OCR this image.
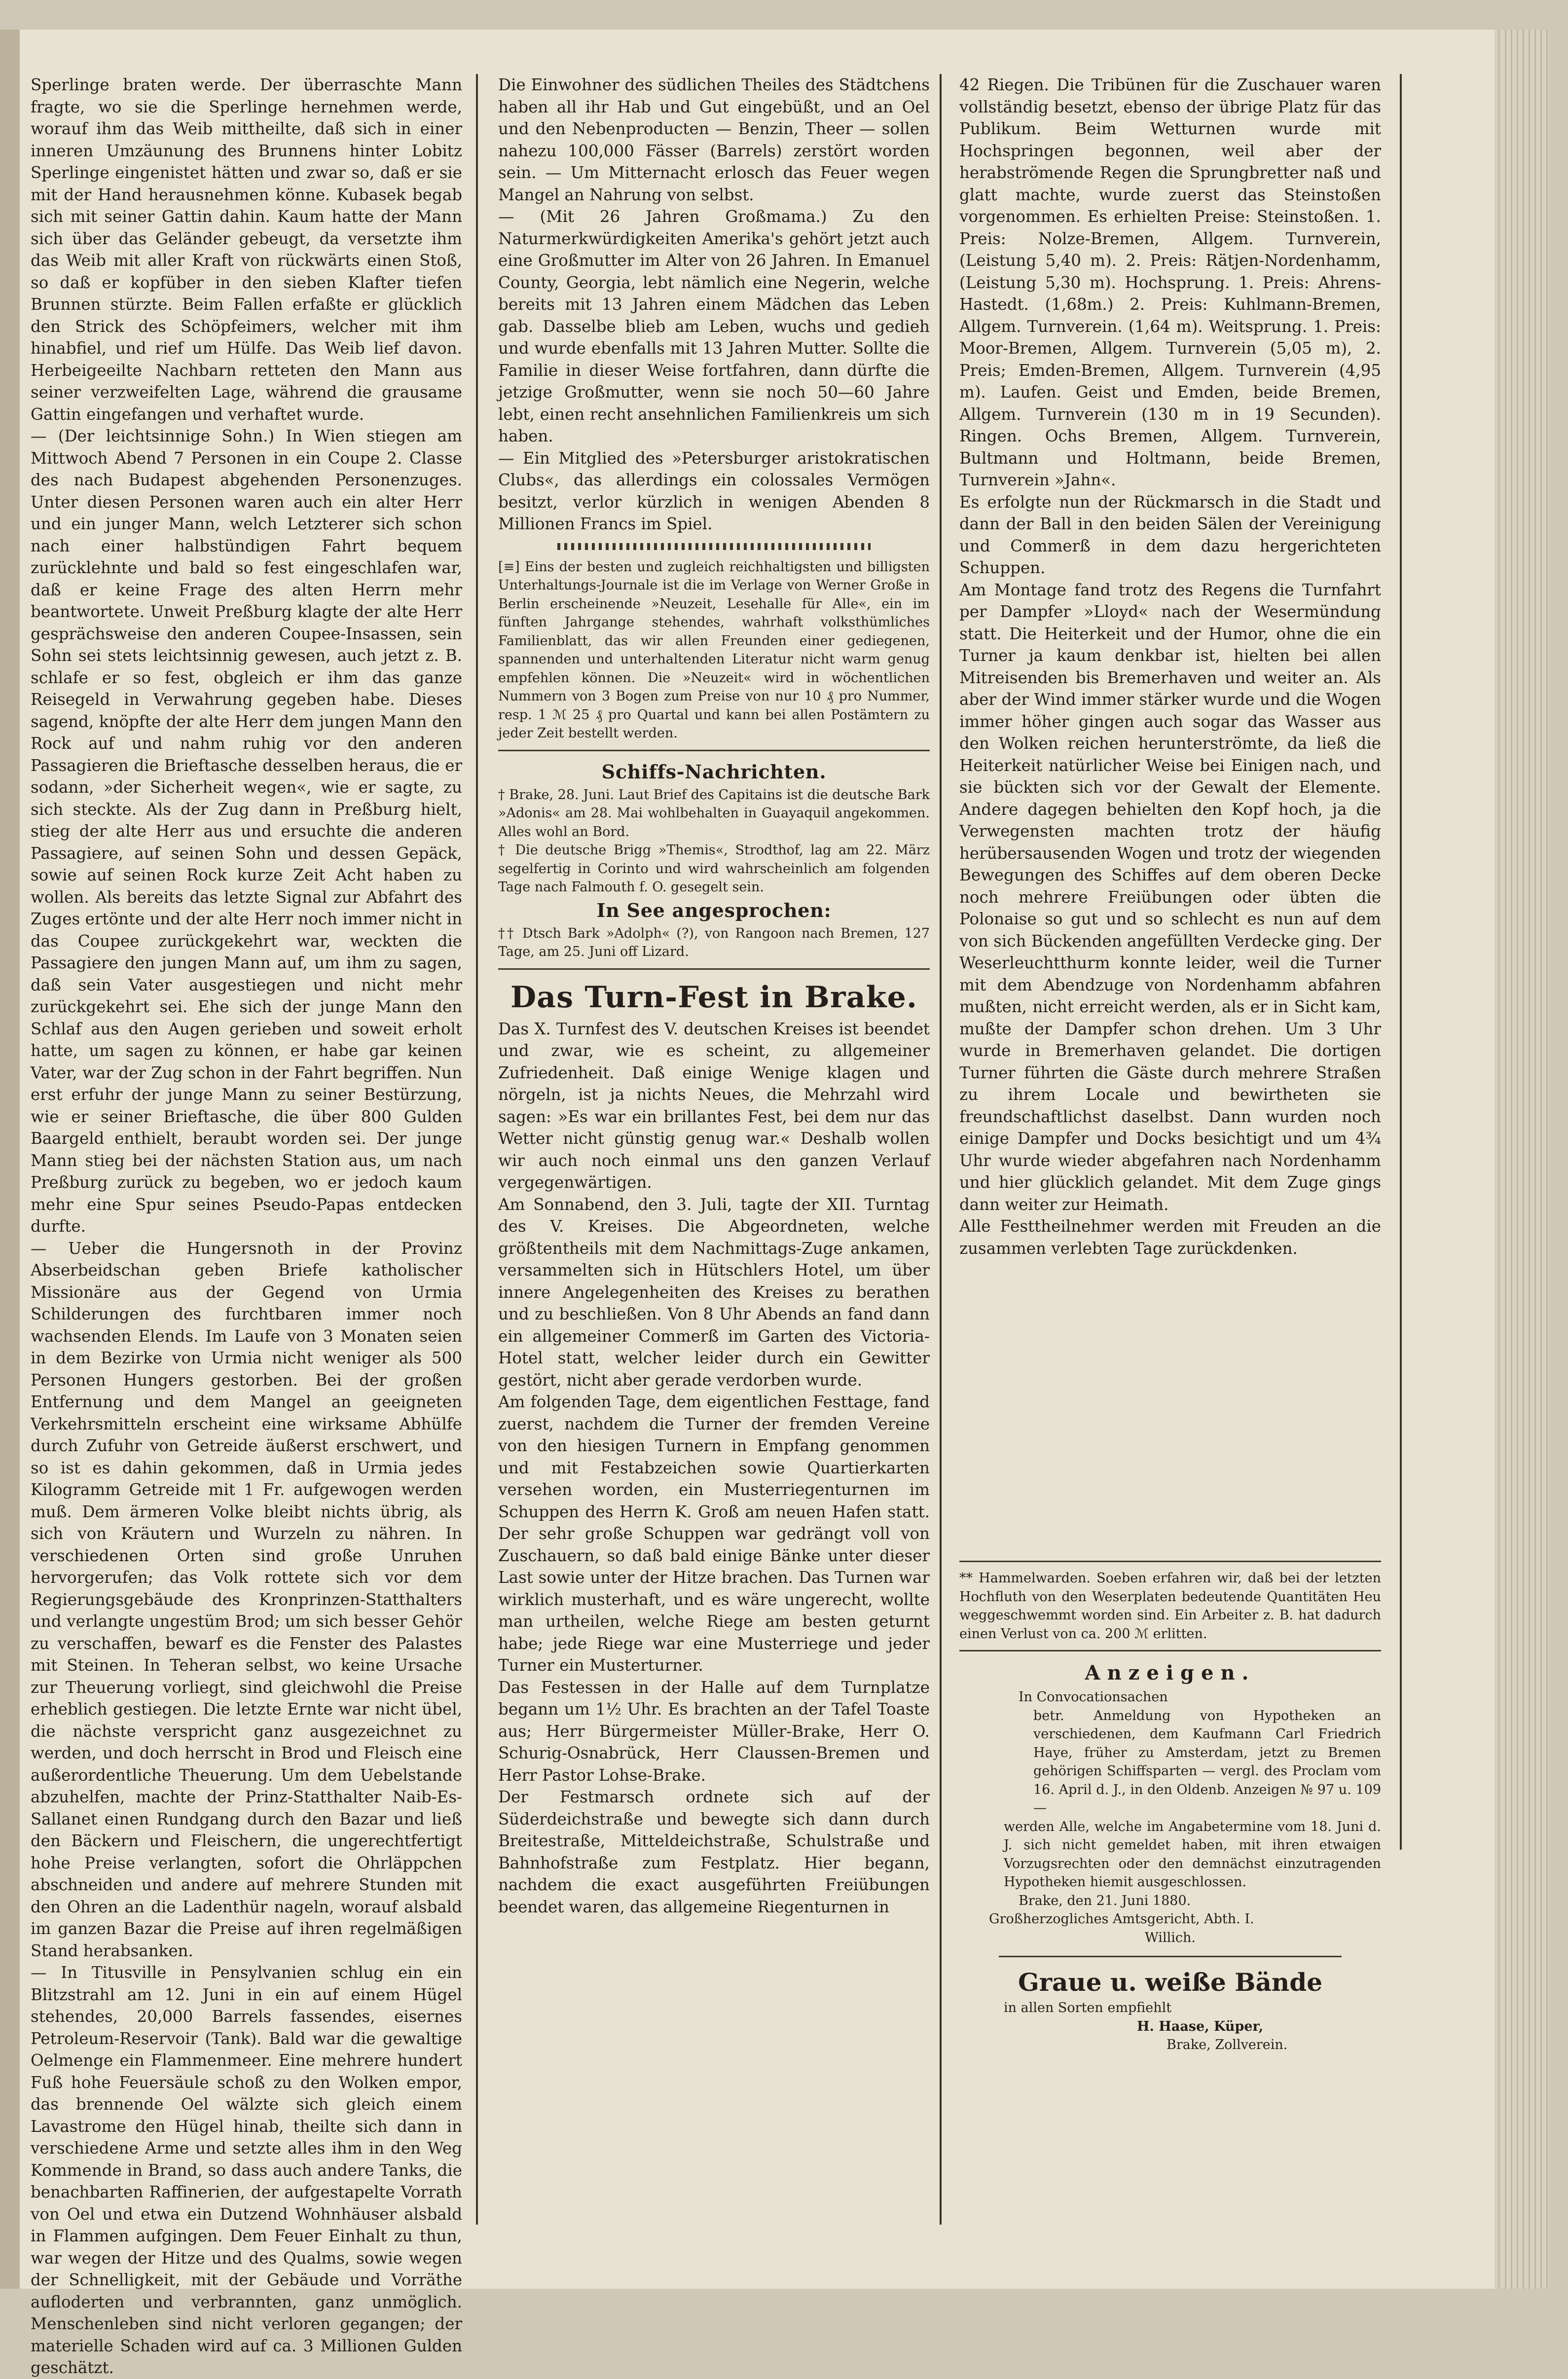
Sperlinge braten werde. Der überraschte Mann fragte, wo sie die Sperlinge hernehmen werde, worauf ihm das Weib mittheilte, daß sich in einer inneren Umzäunung des Brunnens hinter Lobitz Sperlinge eingenistet hätten und zwar so, daß er sie mit der Hand herausnehmen könne. Kubasek begab sich mit seiner Gattin dahin. Kaum hatte der Mann sich über das Geländer gebeugt, da versetzte ihm das Weib mit aller Kraft von rückwärts einen Stoß, so daß er kopfüber in den sieben Klafter tiefen Brunnen stürzte. Beim Fallen erfaßte er glücklich den Strick des Schöpfeimers, welcher mit ihm hinabfiel, und rief um Hülfe. Das Weib lief davon. Herbeigeeilte Nachbarn retteten den Mann aus seiner verzweifelten Lage, während die grausame Gattin eingefangen und verhaftet wurde.

— (Der leichtsinnige Sohn.) In Wien stiegen am Mittwoch Abend 7 Personen in ein Coupe 2. Classe des nach Budapest abgehenden Personenzuges. Unter diesen Personen waren auch ein alter Herr und ein junger Mann, welch Letzterer sich schon nach einer halbstündigen Fahrt bequem zurücklehnte und bald so fest eingeschlafen war, daß er keine Frage des alten Herrn mehr beantwortete. Unweit Preßburg klagte der alte Herr gesprächsweise den anderen Coupee-Insassen, sein Sohn sei stets leichtsinnig gewesen, auch jetzt z. B. schlafe er so fest, obgleich er ihm das ganze Reisegeld in Verwahrung gegeben habe. Dieses sagend, knöpfte der alte Herr dem jungen Mann den Rock auf und nahm ruhig vor den anderen Passagieren die Brieftasche desselben heraus, die er sodann, »der Sicherheit wegen«, wie er sagte, zu sich steckte. Als der Zug dann in Preßburg hielt, stieg der alte Herr aus und ersuchte die anderen Passagiere, auf seinen Sohn und dessen Gepäck, sowie auf seinen Rock kurze Zeit Acht haben zu wollen. Als bereits das letzte Signal zur Abfahrt des Zuges ertönte und der alte Herr noch immer nicht in das Coupee zurückgekehrt war, weckten die Passagiere den jungen Mann auf, um ihm zu sagen, daß sein Vater ausgestiegen und nicht mehr zurückgekehrt sei. Ehe sich der junge Mann den Schlaf aus den Augen gerieben und soweit erholt hatte, um sagen zu können, er habe gar keinen Vater, war der Zug schon in der Fahrt begriffen. Nun erst erfuhr der junge Mann zu seiner Bestürzung, wie er seiner Brieftasche, die über 800 Gulden Baargeld enthielt, beraubt worden sei. Der junge Mann stieg bei der nächsten Station aus, um nach Preßburg zurück zu begeben, wo er jedoch kaum mehr eine Spur seines Pseudo-Papas entdecken durfte.

— Ueber die Hungersnoth in der Provinz Abserbeidschan geben Briefe katholischer Missionäre aus der Gegend von Urmia Schilderungen des furchtbaren immer noch wachsenden Elends. Im Laufe von 3 Monaten seien in dem Bezirke von Urmia nicht weniger als 500 Personen Hungers gestorben. Bei der großen Entfernung und dem Mangel an geeigneten Verkehrsmitteln erscheint eine wirksame Abhülfe durch Zufuhr von Getreide äußerst erschwert, und so ist es dahin gekommen, daß in Urmia jedes Kilogramm Getreide mit 1 Fr. aufgewogen werden muß. Dem ärmeren Volke bleibt nichts übrig, als sich von Kräutern und Wurzeln zu nähren. In verschiedenen Orten sind große Unruhen hervorgerufen; das Volk rottete sich vor dem Regierungsgebäude des Kronprinzen-Statthalters und verlangte ungestüm Brod; um sich besser Gehör zu verschaffen, bewarf es die Fenster des Palastes mit Steinen. In Teheran selbst, wo keine Ursache zur Theuerung vorliegt, sind gleichwohl die Preise erheblich gestiegen. Die letzte Ernte war nicht übel, die nächste verspricht ganz ausgezeichnet zu werden, und doch herrscht in Brod und Fleisch eine außerordentliche Theuerung. Um dem Uebelstande abzuhelfen, machte der Prinz-Statthalter Naib-Es-Sallanet einen Rundgang durch den Bazar und ließ den Bäckern und Fleischern, die ungerechtfertigt hohe Preise verlangten, sofort die Ohrläppchen abschneiden und andere auf mehrere Stunden mit den Ohren an die Ladenthür nageln, worauf alsbald im ganzen Bazar die Preise auf ihren regelmäßigen Stand herabsanken.

— In Titusville in Pensylvanien schlug ein ein Blitzstrahl am 12. Juni in ein auf einem Hügel stehendes, 20,000 Barrels fassendes, eisernes Petroleum-Reservoir (Tank). Bald war die gewaltige Oelmenge ein Flammenmeer. Eine mehrere hundert Fuß hohe Feuersäule schoß zu den Wolken empor, das brennende Oel wälzte sich gleich einem Lavastrome den Hügel hinab, theilte sich dann in verschiedene Arme und setzte alles ihm in den Weg Kommende in Brand, so dass auch andere Tanks, die benachbarten Raffinerien, der aufgestapelte Vorrath von Oel und etwa ein Dutzend Wohnhäuser alsbald in Flammen aufgingen. Dem Feuer Einhalt zu thun, war wegen der Hitze und des Qualms, sowie wegen der Schnelligkeit, mit der Gebäude und Vorräthe aufloderten und verbrannten, ganz unmöglich. Menschenleben sind nicht verloren gegangen; der materielle Schaden wird auf ca. 3 Millionen Gulden geschätzt.

Die Einwohner des südlichen Theiles des Städtchens haben all ihr Hab und Gut eingebüßt, und an Oel und den Nebenproducten — Benzin, Theer — sollen nahezu 100,000 Fässer (Barrels) zerstört worden sein. — Um Mitternacht erlosch das Feuer wegen Mangel an Nahrung von selbst.

— (Mit 26 Jahren Großmama.) Zu den Naturmerkwürdigkeiten Amerika's gehört jetzt auch eine Großmutter im Alter von 26 Jahren. In Emanuel County, Georgia, lebt nämlich eine Negerin, welche bereits mit 13 Jahren einem Mädchen das Leben gab. Dasselbe blieb am Leben, wuchs und gedieh und wurde ebenfalls mit 13 Jahren Mutter. Sollte die Familie in dieser Weise fortfahren, dann dürfte die jetzige Großmutter, wenn sie noch 50—60 Jahre lebt, einen recht ansehnlichen Familienkreis um sich haben.

— Ein Mitglied des »Petersburger aristokratischen Clubs«, das allerdings ein colossales Vermögen besitzt, verlor kürzlich in wenigen Abenden 8 Millionen Francs im Spiel.

[≡] Eins der besten und zugleich reichhaltigsten und billigsten Unterhaltungs-Journale ist die im Verlage von Werner Große in Berlin erscheinende »Neuzeit, Lesehalle für Alle«, ein im fünften Jahrgange stehendes, wahrhaft volksthümliches Familienblatt, das wir allen Freunden einer gediegenen, spannenden und unterhaltenden Literatur nicht warm genug empfehlen können. Die »Neuzeit« wird in wöchentlichen Nummern von 3 Bogen zum Preise von nur 10 ₰ pro Nummer, resp. 1 ℳ 25 ₰ pro Quartal und kann bei allen Postämtern zu jeder Zeit bestellt werden.

Schiffs-Nachrichten.

† Brake, 28. Juni. Laut Brief des Capitains ist die deutsche Bark »Adonis« am 28. Mai wohlbehalten in Guayaquil angekommen. Alles wohl an Bord.

† Die deutsche Brigg »Themis«, Strodthof, lag am 22. März segelfertig in Corinto und wird wahrscheinlich am folgenden Tage nach Falmouth f. O. gesegelt sein.

In See angesprochen:

†† Dtsch Bark »Adolph« (?), von Rangoon nach Bremen, 127 Tage, am 25. Juni off Lizard.

Das Turn-Fest in Brake.

Das X. Turnfest des V. deutschen Kreises ist beendet und zwar, wie es scheint, zu allgemeiner Zufriedenheit. Daß einige Wenige klagen und nörgeln, ist ja nichts Neues, die Mehrzahl wird sagen: »Es war ein brillantes Fest, bei dem nur das Wetter nicht günstig genug war.« Deshalb wollen wir auch noch einmal uns den ganzen Verlauf vergegenwärtigen.

Am Sonnabend, den 3. Juli, tagte der XII. Turntag des V. Kreises. Die Abgeordneten, welche größtentheils mit dem Nachmittags-Zuge ankamen, versammelten sich in Hütschlers Hotel, um über innere Angelegenheiten des Kreises zu berathen und zu beschließen. Von 8 Uhr Abends an fand dann ein allgemeiner Commerß im Garten des Victoria-Hotel statt, welcher leider durch ein Gewitter gestört, nicht aber gerade verdorben wurde.

Am folgenden Tage, dem eigentlichen Festtage, fand zuerst, nachdem die Turner der fremden Vereine von den hiesigen Turnern in Empfang genommen und mit Festabzeichen sowie Quartierkarten versehen worden, ein Musterriegenturnen im Schuppen des Herrn K. Groß am neuen Hafen statt. Der sehr große Schuppen war gedrängt voll von Zuschauern, so daß bald einige Bänke unter dieser Last sowie unter der Hitze brachen. Das Turnen war wirklich musterhaft, und es wäre ungerecht, wollte man urtheilen, welche Riege am besten geturnt habe; jede Riege war eine Musterriege und jeder Turner ein Musterturner.

Das Festessen in der Halle auf dem Turnplatze begann um 1½ Uhr. Es brachten an der Tafel Toaste aus; Herr Bürgermeister Müller-Brake, Herr O. Schurig-Osnabrück, Herr Claussen-Bremen und Herr Pastor Lohse-Brake.

Der Festmarsch ordnete sich auf der Süderdeichstraße und bewegte sich dann durch Breitestraße, Mitteldeichstraße, Schulstraße und Bahnhofstraße zum Festplatz. Hier begann, nachdem die exact ausgeführten Freiübungen beendet waren, das allgemeine Riegenturnen in

42 Riegen. Die Tribünen für die Zuschauer waren vollständig besetzt, ebenso der übrige Platz für das Publikum. Beim Wetturnen wurde mit Hochspringen begonnen, weil aber der herabströmende Regen die Sprungbretter naß und glatt machte, wurde zuerst das Steinstoßen vorgenommen. Es erhielten Preise: Steinstoßen. 1. Preis: Nolze-Bremen, Allgem. Turnverein, (Leistung 5,40 m). 2. Preis: Rätjen-Nordenhamm, (Leistung 5,30 m). Hochsprung. 1. Preis: Ahrens-Hastedt. (1,68m.) 2. Preis: Kuhlmann-Bremen, Allgem. Turnverein. (1,64 m). Weitsprung. 1. Preis: Moor-Bremen, Allgem. Turnverein (5,05 m), 2. Preis; Emden-Bremen, Allgem. Turnverein (4,95 m). Laufen. Geist und Emden, beide Bremen, Allgem. Turnverein (130 m in 19 Secunden). Ringen. Ochs Bremen, Allgem. Turnverein, Bultmann und Holtmann, beide Bremen, Turnverein »Jahn«.

Es erfolgte nun der Rückmarsch in die Stadt und dann der Ball in den beiden Sälen der Vereinigung und Commerß in dem dazu hergerichteten Schuppen.

Am Montage fand trotz des Regens die Turnfahrt per Dampfer »Lloyd« nach der Wesermündung statt. Die Heiterkeit und der Humor, ohne die ein Turner ja kaum denkbar ist, hielten bei allen Mitreisenden bis Bremerhaven und weiter an. Als aber der Wind immer stärker wurde und die Wogen immer höher gingen auch sogar das Wasser aus den Wolken reichen herunterströmte, da ließ die Heiterkeit natürlicher Weise bei Einigen nach, und sie bückten sich vor der Gewalt der Elemente. Andere dagegen behielten den Kopf hoch, ja die Verwegensten machten trotz der häufig herübersausenden Wogen und trotz der wiegenden Bewegungen des Schiffes auf dem oberen Decke noch mehrere Freiübungen oder übten die Polonaise so gut und so schlecht es nun auf dem von sich Bückenden angefüllten Verdecke ging. Der Weserleuchtthurm konnte leider, weil die Turner mit dem Abendzuge von Nordenhamm abfahren mußten, nicht erreicht werden, als er in Sicht kam, mußte der Dampfer schon drehen. Um 3 Uhr wurde in Bremerhaven gelandet. Die dortigen Turner führten die Gäste durch mehrere Straßen zu ihrem Locale und bewirtheten sie freundschaftlichst daselbst. Dann wurden noch einige Dampfer und Docks besichtigt und um 4¾ Uhr wurde wieder abgefahren nach Nordenhamm und hier glücklich gelandet. Mit dem Zuge gings dann weiter zur Heimath.

Alle Festtheilnehmer werden mit Freuden an die zusammen verlebten Tage zurückdenken.

** Hammelwarden. Soeben erfahren wir, daß bei der letzten Hochfluth von den Weserplaten bedeutende Quantitäten Heu weggeschwemmt worden sind. Ein Arbeiter z. B. hat dadurch einen Verlust von ca. 200 ℳ erlitten.

Anzeigen.

In Convocationsachen

betr. Anmeldung von Hypotheken an verschiedenen, dem Kaufmann Carl Friedrich Haye, früher zu Amsterdam, jetzt zu Bremen gehörigen Schiffsparten — vergl. des Proclam vom 16. April d. J., in den Oldenb. Anzeigen № 97 u. 109 —

werden Alle, welche im Angabetermine vom 18. Juni d. J. sich nicht gemeldet haben, mit ihren etwaigen Vorzugsrechten oder den demnächst einzutragenden Hypotheken hiemit ausgeschlossen.

Brake, den 21. Juni 1880.

Großherzogliches Amtsgericht, Abth. I.

Willich.

Graue u. weiße Bände

in allen Sorten empfiehlt

H. Haase, Küper,

Brake, Zollverein.
